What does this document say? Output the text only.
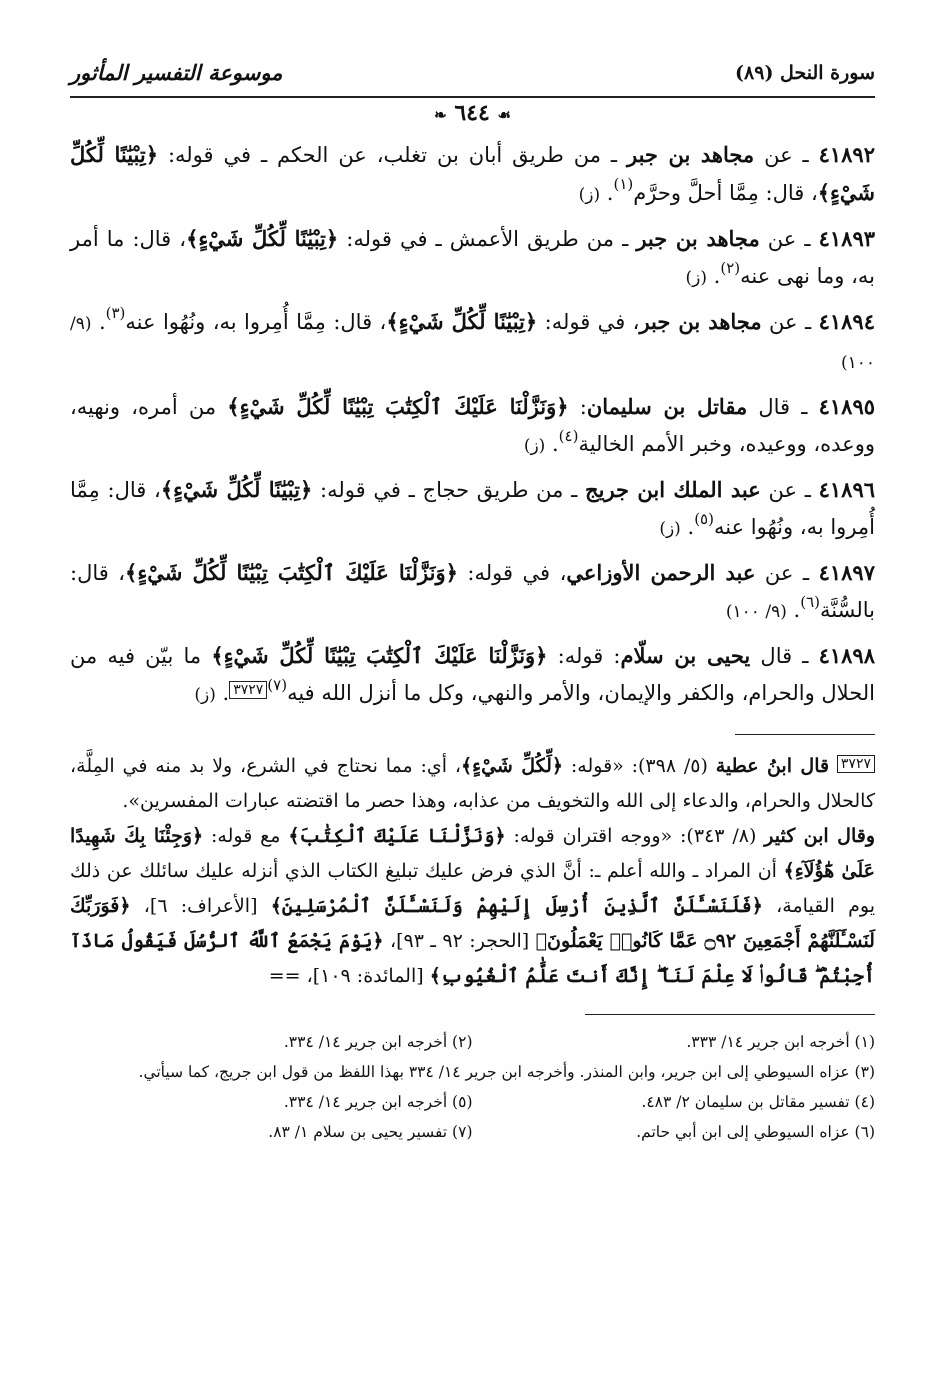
سورة النحل (٨٩)
موسوعة التفسير المأثور
☙ ٦٤٤ ❧
٤١٨٩٢ ـ عن مجاهد بن جبر ـ من طريق أبان بن تغلب، عن الحكم ـ في قوله: ﴿تِبْيَٰنًا لِّكُلِّ شَيْءٍ﴾، قال: مِمَّا أحلَّ وحرَّم$^{(١)}$. (ز)
٤١٨٩٣ ـ عن مجاهد بن جبر ـ من طريق الأعمش ـ في قوله: ﴿تِبْيَٰنًا لِّكُلِّ شَيْءٍ﴾، قال: ما أمر به، وما نهى عنه$^{(٢)}$. (ز)
٤١٨٩٤ ـ عن مجاهد بن جبر، في قوله: ﴿تِبْيَٰنًا لِّكُلِّ شَيْءٍ﴾، قال: مِمَّا أُمِروا به، ونُهُوا عنه$^{(٣)}$. (٩/ ١٠٠)
٤١٨٩٥ ـ قال مقاتل بن سليمان: ﴿وَنَزَّلْنَا عَلَيْكَ ٱلْكِتَٰبَ تِبْيَٰنًا لِّكُلِّ شَيْءٍ﴾ من أمره، ونهيه، ووعده، ووعيده، وخبر الأمم الخالية$^{(٤)}$. (ز)
٤١٨٩٦ ـ عن عبد الملك ابن جريج ـ من طريق حجاج ـ في قوله: ﴿تِبْيَٰنًا لِّكُلِّ شَيْءٍ﴾، قال: مِمَّا أُمِروا به، ونُهُوا عنه$^{(٥)}$. (ز)
٤١٨٩٧ ـ عن عبد الرحمن الأوزاعي، في قوله: ﴿وَنَزَّلْنَا عَلَيْكَ ٱلْكِتَٰبَ تِبْيَٰنًا لِّكُلِّ شَيْءٍ﴾، قال: بالسُّنَّة$^{(٦)}$. (٩/ ١٠٠)
٤١٨٩٨ ـ قال يحيى بن سلّام: قوله: ﴿وَنَزَّلْنَا عَلَيْكَ ٱلْكِتَٰبَ تِبْيَٰنًا لِّكُلِّ شَيْءٍ﴾ ما بيّن فيه من الحلال والحرام، والكفر والإيمان، والأمر والنهي، وكل ما أنزل الله فيه$^{(٧)}$٣٧٢٧. (ز)

٣٧٢٧ قال ابنُ عطية (٥/ ٣٩٨): «قوله: ﴿لِّكُلِّ شَيْءٍ﴾، أي: مما نحتاج في الشرع، ولا بد منه في المِلَّة، كالحلال والحرام، والدعاء إلى الله والتخويف من عذابه، وهذا حصر ما اقتضته عبارات المفسرين».

وقال ابن كثير (٨/ ٣٤٣): «ووجه اقتران قوله: ﴿وَنَزَّلْنَا عَلَيْكَ ٱلْكِتَٰبَ﴾ مع قوله: ﴿وَجِئْنَا بِكَ شَهِيدًا عَلَىٰ هَٰٓؤُلَآءِ﴾ أن المراد ـ والله أعلم ـ: أنَّ الذي فرض عليك تبليغ الكتاب الذي أنزله عليك سائلك عن ذلك يوم القيامة، ﴿فَلَنَسْـَٔلَنَّ ٱلَّذِينَ أُرْسِلَ إِلَيْهِمْ وَلَنَسْـَٔلَنَّ ٱلْمُرْسَلِينَ﴾ [الأعراف: ٦]، ﴿فَوَرَبِّكَ لَنَسْـَٔلَنَّهُمْ أَجْمَعِينَ ۝٩٢ عَمَّا كَانُوا۟ يَعْمَلُونَ﴾ [الحجر: ٩٢ ـ ٩٣]، ﴿يَوْمَ يَجْمَعُ ٱللَّهُ ٱلرُّسُلَ فَيَقُولُ مَاذَآ أُجِبْتُمْ ۖ قَالُوا۟ لَا عِلْمَ لَنَآ ۖ إِنَّكَ أَنتَ عَلَّٰمُ ٱلْغُيُوبِ﴾ [المائدة: ١٠٩]، ==

(١) أخرجه ابن جرير ١٤/ ٣٣٣.
(٢) أخرجه ابن جرير ١٤/ ٣٣٤.
(٣) عزاه السيوطي إلى ابن جرير، وابن المنذر. وأخرجه ابن جرير ١٤/ ٣٣٤ بهذا اللفظ من قول ابن جريج، كما سيأتي.
(٤) تفسير مقاتل بن سليمان ٢/ ٤٨٣.
(٥) أخرجه ابن جرير ١٤/ ٣٣٤.
(٦) عزاه السيوطي إلى ابن أبي حاتم.
(٧) تفسير يحيى بن سلام ١/ ٨٣.
